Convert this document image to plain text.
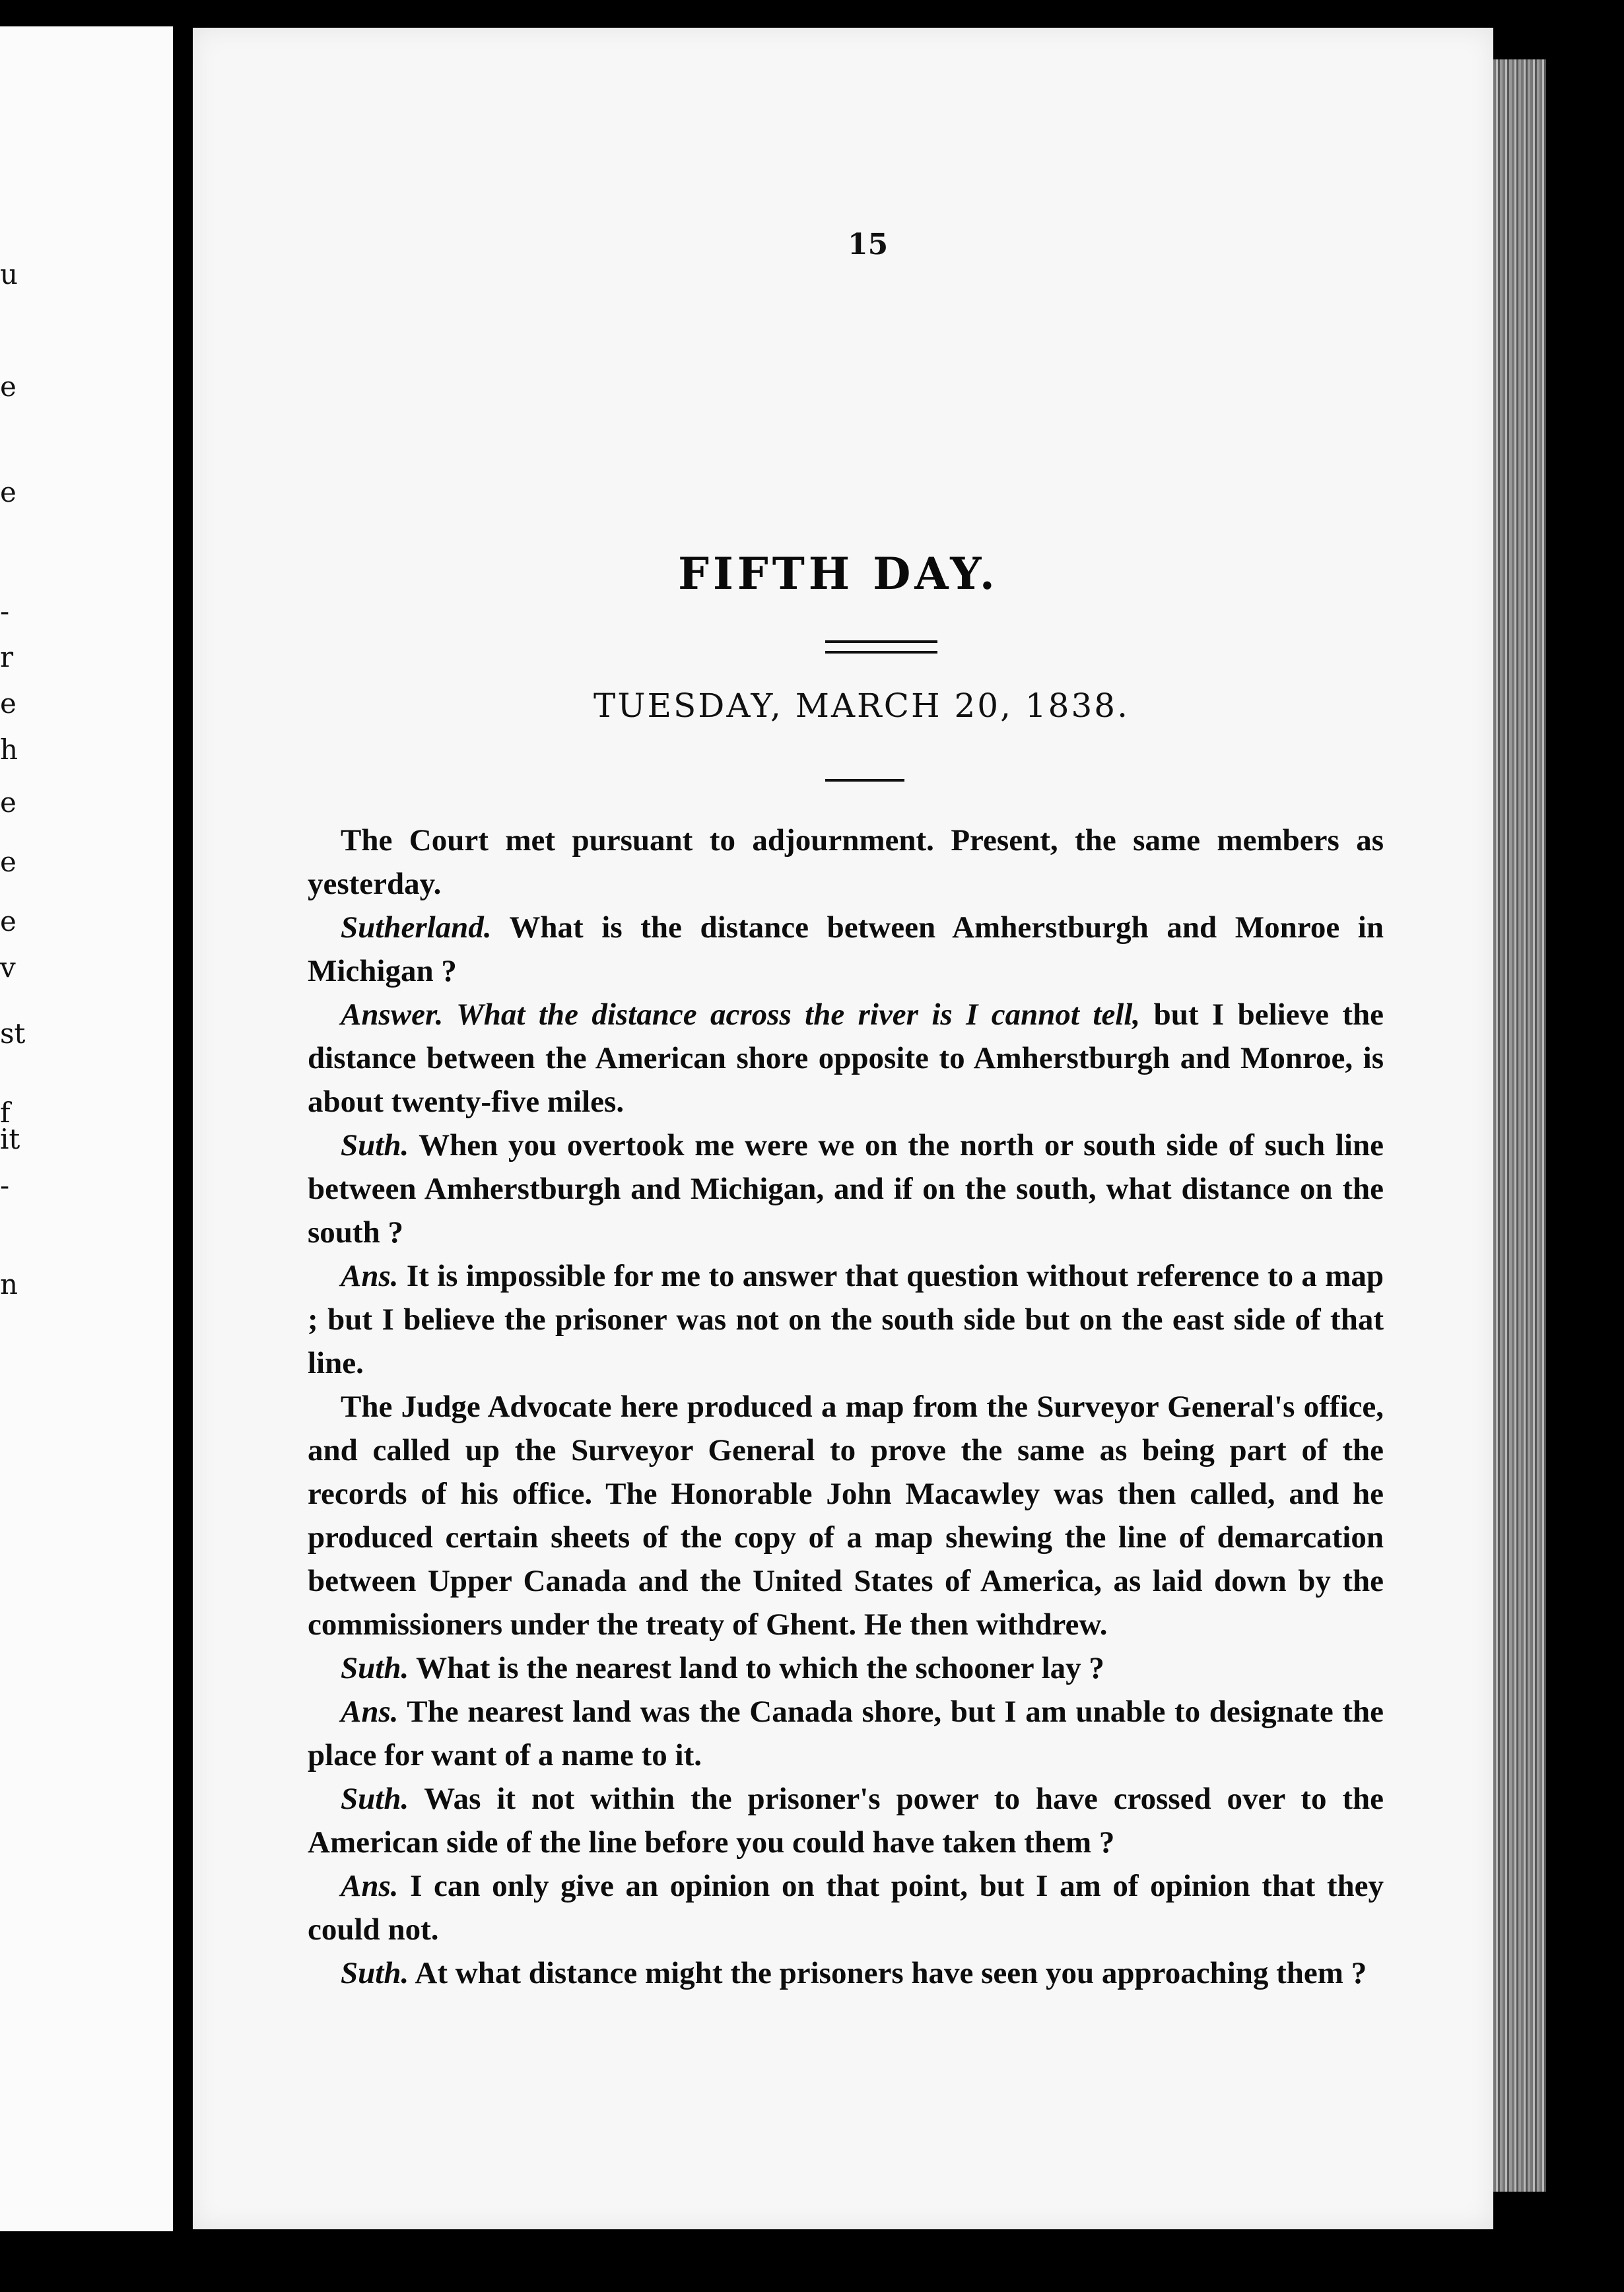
u
e
e
-
r
e
h
e
e
e
v
st
f
it
-
n
15
FIFTH DAY.
TUESDAY, MARCH 20, 1838.

The Court met pursuant to adjournment. Present, the same members as yesterday.

Sutherland. What is the distance between Amherstburgh and Monroe in Michigan ?

Answer. What the distance across the river is I cannot tell, but I believe the distance between the American shore opposite to Amherstburgh and Monroe, is about twenty-five miles.

Suth. When you overtook me were we on the north or south side of such line between Amherstburgh and Michigan, and if on the south, what distance on the south ?

Ans. It is impossible for me to answer that question without reference to a map ; but I believe the prisoner was not on the south side but on the east side of that line.

The Judge Advocate here produced a map from the Surveyor General's office, and called up the Surveyor General to prove the same as being part of the records of his office. The Honorable John Macawley was then called, and he produced certain sheets of the copy of a map shewing the line of demarcation between Upper Canada and the United States of America, as laid down by the commissioners under the treaty of Ghent. He then withdrew.

Suth. What is the nearest land to which the schooner lay ?

Ans. The nearest land was the Canada shore, but I am unable to designate the place for want of a name to it.

Suth. Was it not within the prisoner's power to have crossed over to the American side of the line before you could have taken them ?

Ans. I can only give an opinion on that point, but I am of opinion that they could not.

Suth. At what distance might the prisoners have seen you approaching them ?
